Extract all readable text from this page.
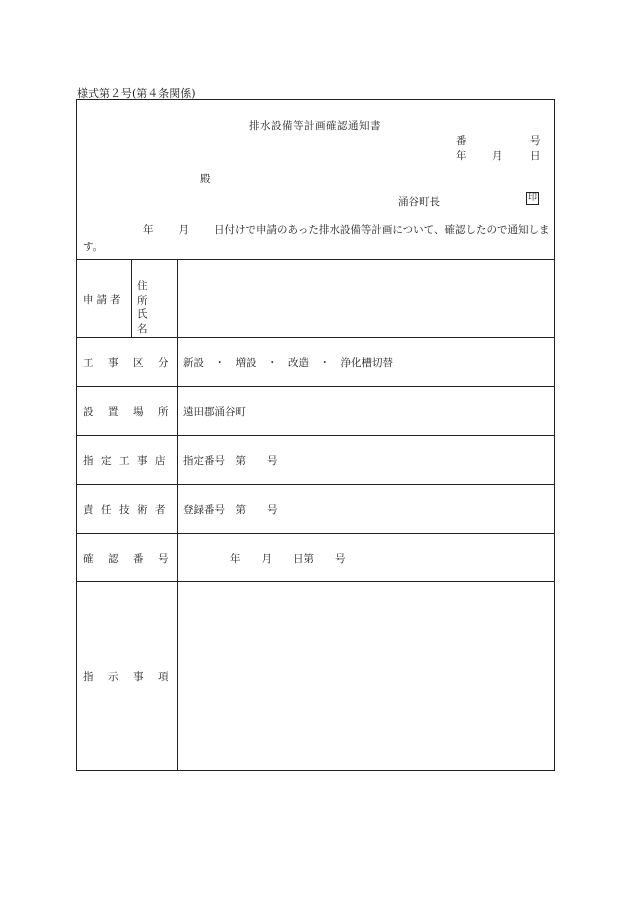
様式第２号(第４条関係)
排水設備等計画確認通知書
番	号
年 月	日
殿
涌谷町長	印
年 月 日付けで申請のあった排水設備等計画について、確認したので通知します。
申請者
住所
氏名
工事区分 新設　・　増設　・　改造　・　浄化槽切替
設置場所 遠田郡涌谷町
指定工事店 指定番号　第　　号
責任技術者 登録番号　第　　号
確認番号	年　　月　　日第　　号
指示事項
